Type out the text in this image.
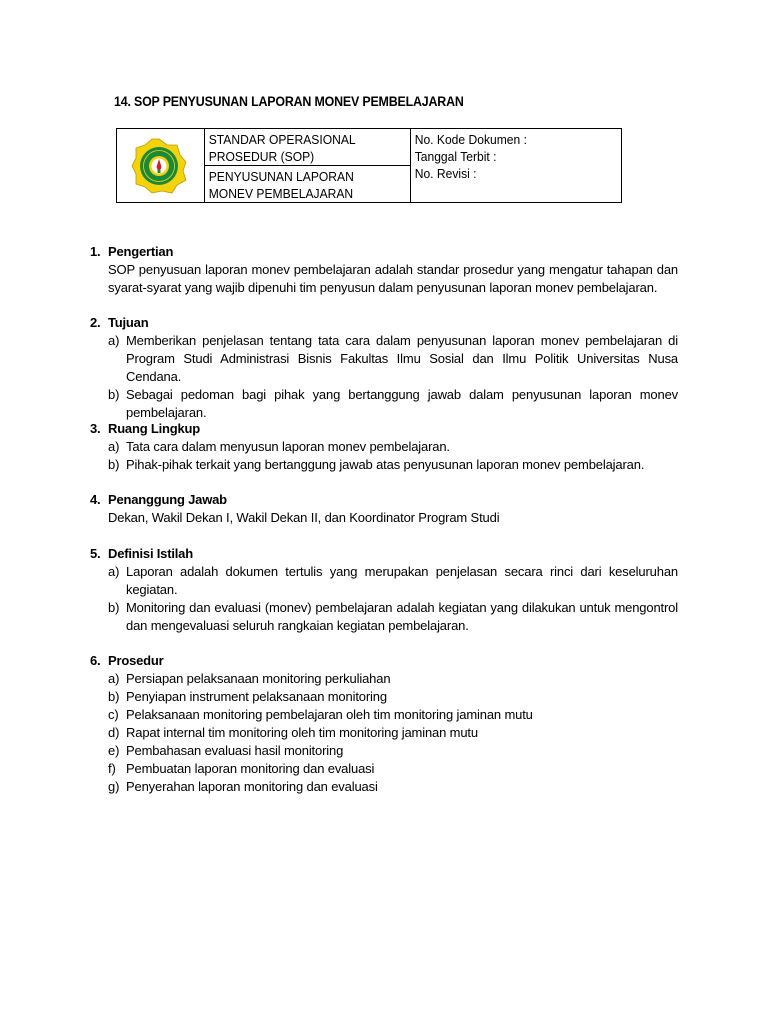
14. SOP PENYUSUNAN LAPORAN MONEV PEMBELAJARAN

STANDAR OPERASIONAL
PROSEDUR (SOP)

No. Kode Dokumen :
Tanggal Terbit :
No. Revisi :

PENYUSUNAN LAPORAN
MONEV PEMBELAJARAN
1. Pengertian
SOP penyusuan laporan monev pembelajaran adalah standar prosedur yang mengatur tahapan dan syarat-syarat yang wajib dipenuhi tim penyusun dalam penyusunan laporan monev pembelajaran.
2. Tujuan
a) Memberikan penjelasan tentang tata cara dalam penyusunan laporan monev pembelajaran di Program Studi Administrasi Bisnis Fakultas Ilmu Sosial dan Ilmu Politik Universitas Nusa Cendana.
b) Sebagai pedoman bagi pihak yang bertanggung jawab dalam penyusunan laporan monev pembelajaran.
3. Ruang Lingkup
a) Tata cara dalam menyusun laporan monev pembelajaran.
b) Pihak-pihak terkait yang bertanggung jawab atas penyusunan laporan monev pembelajaran.
4. Penanggung Jawab
Dekan, Wakil Dekan I, Wakil Dekan II, dan Koordinator Program Studi
5. Definisi Istilah
a) Laporan adalah dokumen tertulis yang merupakan penjelasan secara rinci dari keseluruhan kegiatan.
b) Monitoring dan evaluasi (monev) pembelajaran adalah kegiatan yang dilakukan untuk mengontrol dan mengevaluasi seluruh rangkaian kegiatan pembelajaran.
6. Prosedur
a) Persiapan pelaksanaan monitoring perkuliahan
b) Penyiapan instrument pelaksanaan monitoring
c) Pelaksanaan monitoring pembelajaran oleh tim monitoring jaminan mutu
d) Rapat internal tim monitoring oleh tim monitoring jaminan mutu
e) Pembahasan evaluasi hasil monitoring
f) Pembuatan laporan monitoring dan evaluasi
g) Penyerahan laporan monitoring dan evaluasi
